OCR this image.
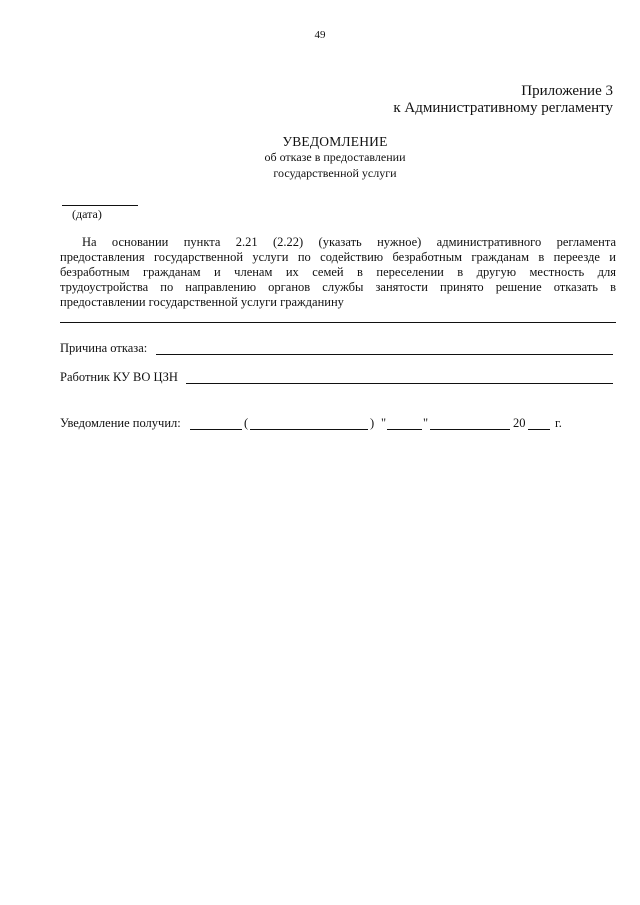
49
Приложение 3
к Административному регламенту
УВЕДОМЛЕНИЕ
об отказе в предоставлении
государственной услуги
(дата)
На основании пункта 2.21 (2.22) (указать нужное) административного регламента
предоставления государственной услуги по содействию безработным гражданам в переезде и
безработным гражданам и членам их семей в переселении в другую местность для
трудоустройства по направлению органов службы занятости принято решение отказать в
предоставлении государственной услуги гражданину
Причина отказа:
Работник КУ ВО ЦЗН
Уведомление получил:	(	) "	"	20 г.
